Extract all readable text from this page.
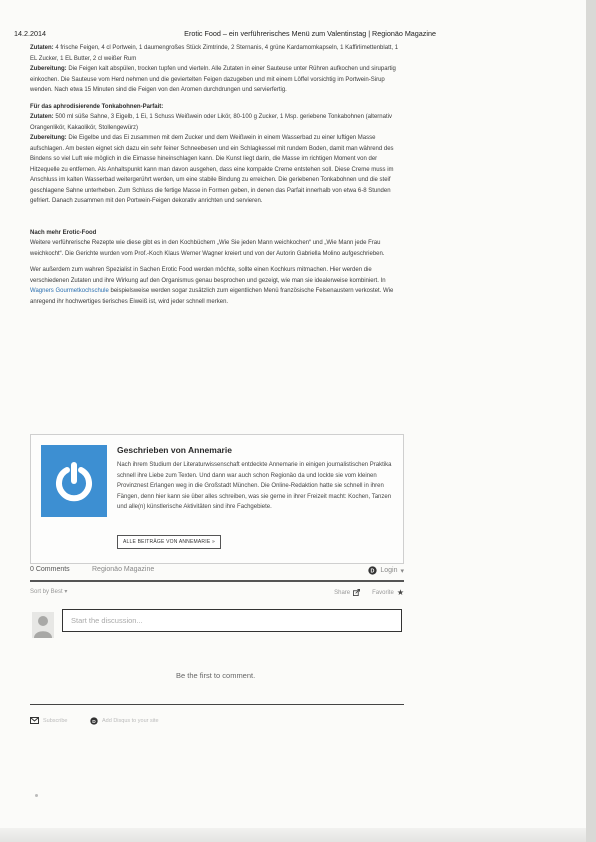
14.2.2014	Erotic Food – ein verführerisches Menü zum Valentinstag | Regionäo Magazine

Zutaten: 4 frische Feigen, 4 cl Portwein, 1 daumengroßes Stück Zimtrinde, 2 Sternanis, 4 grüne Kardamomkapseln, 1 Kaffirlimettenblatt, 1 EL Zucker, 1 EL Butter, 2 cl weißer Rum

Zubereitung: Die Feigen kalt abspülen, trocken tupfen und vierteln. Alle Zutaten in einer Sauteuse unter Rühren aufkochen und sirupartig einkochen. Die Sauteuse vom Herd nehmen und die geviertelten Feigen dazugeben und mit einem Löffel vorsichtig im Portwein-Sirup wenden. Nach etwa 15 Minuten sind die Feigen von den Aromen durchdrungen und servierfertig.

Für das aphrodisierende Tonkabohnen-Parfait:

Zutaten: 500 ml süße Sahne, 3 Eigelb, 1 Ei, 1 Schuss Weißwein oder Likör, 80-100 g Zucker, 1 Msp. geriebene Tonkabohnen (alternativ Orangenlikör, Kakaolikör, Stollengewürz)

Zubereitung: Die Eigelbe und das Ei zusammen mit dem Zucker und dem Weißwein in einem Wasserbad zu einer luftigen Masse aufschlagen. Am besten eignet sich dazu ein sehr feiner Schneebesen und ein Schlagkessel mit rundem Boden, damit man während des Bindens so viel Luft wie möglich in die Eimasse hineinschlagen kann. Die Kunst liegt darin, die Masse im richtigen Moment von der Hitzequelle zu entfernen. Als Anhaltspunkt kann man davon ausgehen, dass eine kompakte Creme entstehen soll. Diese Creme muss im Anschluss im kalten Wasserbad weitergerührt werden, um eine stabile Bindung zu erreichen. Die geriebenen Tonkabohnen und die steif geschlagene Sahne unterheben. Zum Schluss die fertige Masse in Formen geben, in denen das Parfait innerhalb von etwa 6-8 Stunden gefriert. Danach zusammen mit den Portwein-Feigen dekorativ anrichten und servieren.

Nach mehr Erotic-Food

Weitere verführerische Rezepte wie diese gibt es in den Kochbüchern „Wie Sie jeden Mann weichkochen“ und „Wie Mann jede Frau weichkocht“. Die Gerichte wurden vom Prof.-Koch Klaus Werner Wagner kreiert und von der Autorin Gabriella Molino aufgeschrieben.

Wer außerdem zum wahren Spezialist in Sachen Erotic Food werden möchte, sollte einen Kochkurs mitmachen. Hier werden die verschiedenen Zutaten und ihre Wirkung auf den Organismus genau besprochen und gezeigt, wie man sie idealerweise kombiniert. In Wagners Gourmetkochschule beispielsweise werden sogar zusätzlich zum eigentlichen Menü französische Felsenaustern verkostet. Wie anregend ihr hochwertiges tierisches Eiweiß ist, wird jeder schnell merken.

Geschrieben von Annemarie
Nach ihrem Studium der Literaturwissenschaft entdeckte Annemarie in einigen journalistischen Praktika schnell ihre Liebe zum Texten. Und dann war auch schon Regionäo da und lockte sie vom kleinen Provinznest Erlangen weg in die Großstadt München. Die Online-Redaktion hatte sie schnell in ihren Fängen, denn hier kann sie über alles schreiben, was sie gerne in ihrer Freizeit macht: Kochen, Tanzen und alle(n) künstlerische Aktivitäten sind ihre Fachgebiete.
ALLE BEITRÄGE VON ANNEMARIE »
0 Comments	Regionäo Magazine	D Login ▾
Sort by Best ▾	Share	Favorite ★
Start the discussion...
Be the first to comment.
Subscribe	D Add Disqus to your site
